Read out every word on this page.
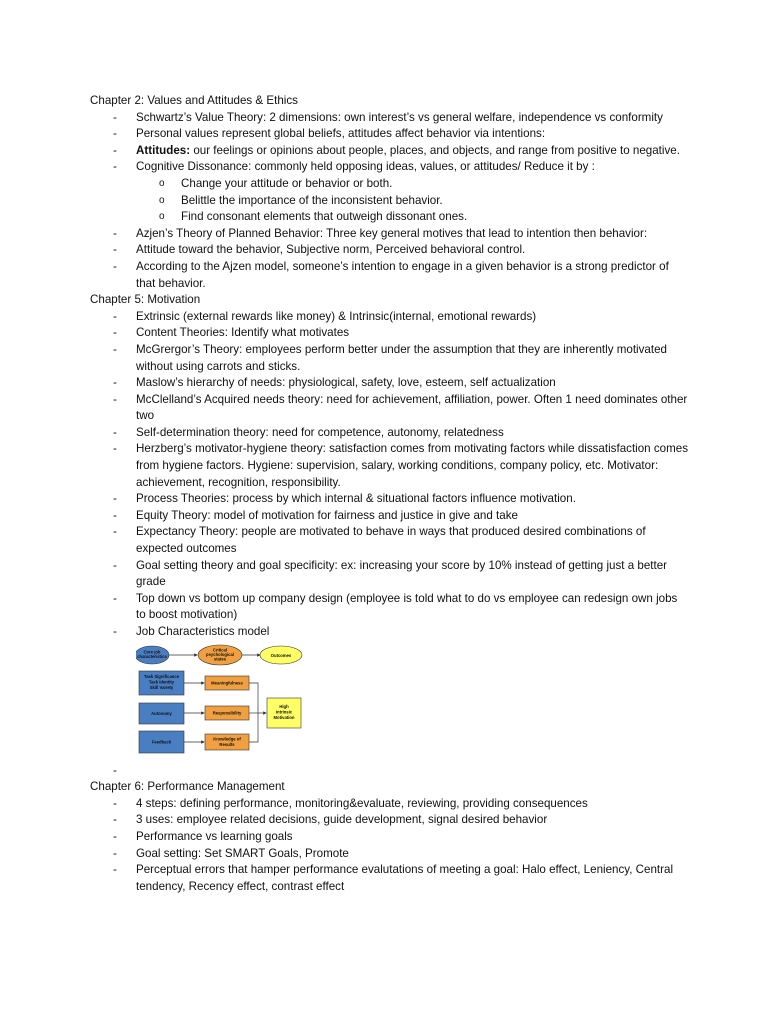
Chapter 2: Values and Attitudes & Ethics

- Schwartz’s Value Theory: 2 dimensions: own interest’s vs general welfare, independence vs conformity
- Personal values represent global beliefs, attitudes affect behavior via intentions:
- Attitudes: our feelings or opinions about people, places, and objects, and range from positive to negative.
- Cognitive Dissonance: commonly held opposing ideas, values, or attitudes/ Reduce it by :
o Change your attitude or behavior or both.
o Belittle the importance of the inconsistent behavior.
o Find consonant elements that outweigh dissonant ones.
- Azjen’s Theory of Planned Behavior: Three key general motives that lead to intention then behavior:
- Attitude toward the behavior, Subjective norm, Perceived behavioral control.
- According to the Ajzen model, someone’s intention to engage in a given behavior is a strong predictor of that behavior.

Chapter 5: Motivation

- Extrinsic (external rewards like money) & Intrinsic(internal, emotional rewards)
- Content Theories: Identify what motivates
- McGrergor’s Theory: employees perform better under the assumption that they are inherently motivated without using carrots and sticks.
- Maslow’s hierarchy of needs: physiological, safety, love, esteem, self actualization
- McClelland’s Acquired needs theory: need for achievement, affiliation, power. Often 1 need dominates other two
- Self-determination theory: need for competence, autonomy, relatedness
- Herzberg’s motivator-hygiene theory: satisfaction comes from motivating factors while dissatisfaction comes from hygiene factors. Hygiene: supervision, salary, working conditions, company policy, etc. Motivator: achievement, recognition, responsibility.
- Process Theories: process by which internal & situational factors influence motivation.
- Equity Theory: model of motivation for fairness and justice in give and take
- Expectancy Theory: people are motivated to behave in ways that produced desired combinations of expected outcomes
- Goal setting theory and goal specificity: ex: increasing your score by 10% instead of getting just a better grade
- Top down vs bottom up company design (employee is told what to do vs employee can redesign own jobs to boost motivation)
- Job Characteristics model
Core job
characteristics
Critical
psychological
states
Outcomes
Task Significance
Task Identity
Skill Variety
Autonomy
Feedback
Meaningfulness
Responsibility
Knowledge of
Results
High
Intrinsic
Motivation
-

Chapter 6: Performance Management

- 4 steps: defining performance, monitoring&evaluate, reviewing, providing consequences
- 3 uses: employee related decisions, guide development, signal desired behavior
- Performance vs learning goals
- Goal setting: Set SMART Goals, Promote
- Perceptual errors that hamper performance evalutations of meeting a goal: Halo effect, Leniency, Central tendency, Recency effect, contrast effect
